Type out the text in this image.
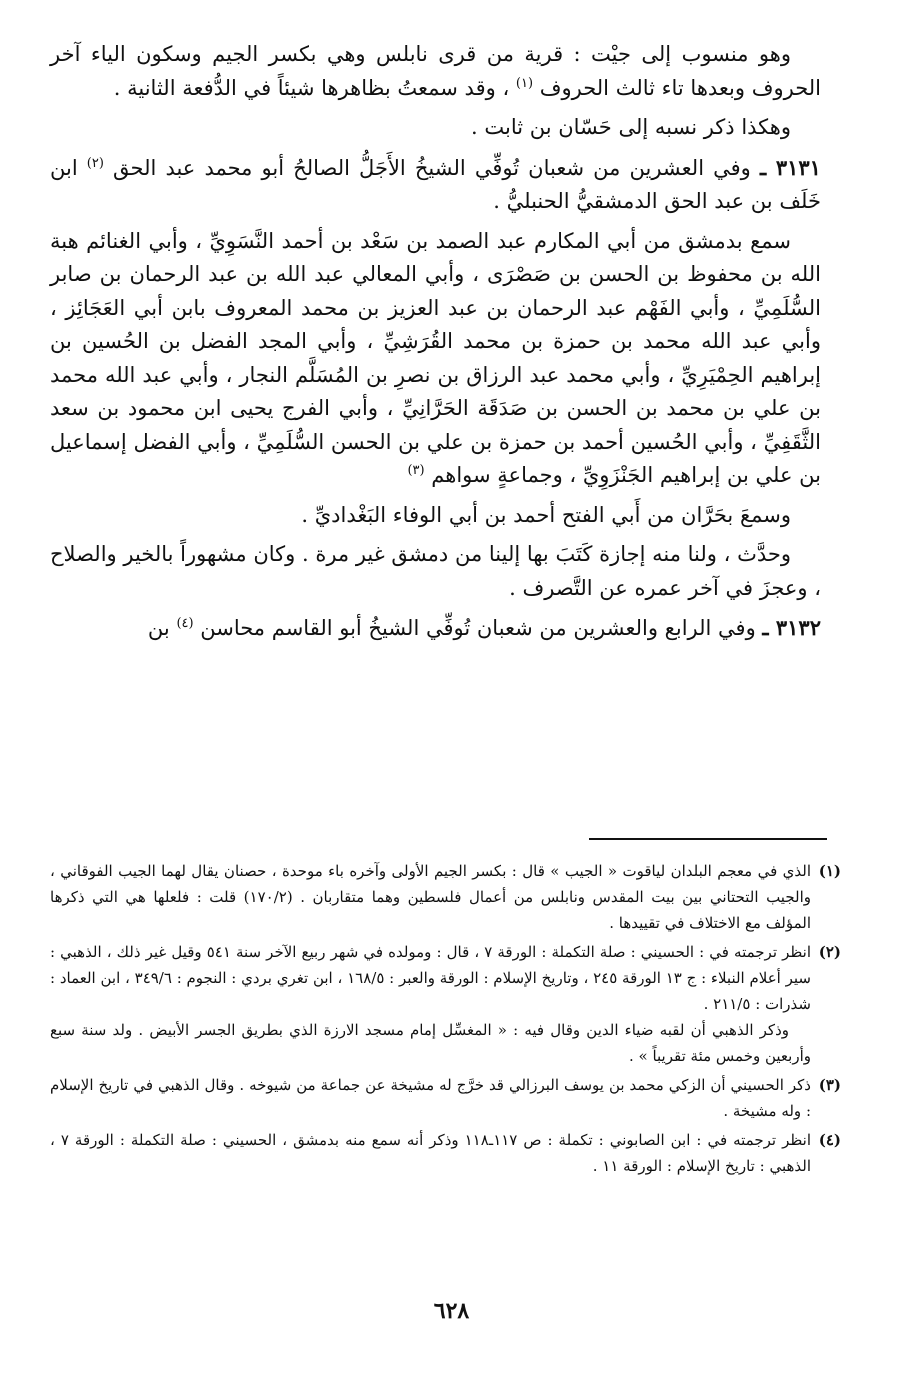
وهو منسوب إلى جيْت : قرية من قرى نابلس وهي بكسر الجيم وسكون الياء آخر الحروف وبعدها تاء ثالث الحروف $^{(١)}$ ، وقد سمعتُ بظاهرها شيئاً في الدُّفعة الثانية .

وهكذا ذكر نسبه إلى حَسّان بن ثابت .

٣١٣١ ـ وفي العشرين من شعبان تُوفِّي الشيخُ الأَجَلُّ الصالحُ أبو محمد عبد الحق $^{(٢)}$ ابن خَلَف بن عبد الحق الدمشقيُّ الحنبليُّ .

سمع بدمشق من أبي المكارم عبد الصمد بن سَعْد بن أحمد النَّسَوِيِّ ، وأبي الغنائم هبة الله بن محفوظ بن الحسن بن صَصْرَى ، وأبي المعالي عبد الله بن عبد الرحمان بن صابر السُّلَمِيِّ ، وأبي الفَهْم عبد الرحمان بن عبد العزيز بن محمد المعروف بابن أبي العَجَائِز ، وأبي عبد الله محمد بن حمزة بن محمد القُرَشِيِّ ، وأبي المجد الفضل بن الحُسين بن إبراهيم الحِمْيَرِيِّ ، وأبي محمد عبد الرزاق بن نصرِ بن المُسَلَّم النجار ، وأبي عبد الله محمد بن علي بن محمد بن الحسن بن صَدَقَة الحَرَّانِيِّ ، وأبي الفرج يحيى ابن محمود بن سعد الثَّقَفِيِّ ، وأبي الحُسين أحمد بن حمزة بن علي بن الحسن السُّلَمِيِّ ، وأبي الفضل إسماعيل بن علي بن إبراهيم الجَنْزَوِيِّ ، وجماعةٍ سواهم $^{(٣)}$

وسمعَ بحَرَّان من أَبي الفتح أحمد بن أبي الوفاء البَغْداديِّ .

وحدَّث ، ولنا منه إجازة كَتَبَ بها إلينا من دمشق غير مرة . وكان مشهوراً بالخير والصلاح ، وعجزَ في آخر عمره عن التَّصرف .

٣١٣٢ ـ وفي الرابع والعشرين من شعبان تُوفِّي الشيخُ أبو القاسم محاسن $^{(٤)}$ بن

(١)
الذي في معجم البلدان لياقوت « الجيب » قال : بكسر الجيم الأولى وآخره باء موحدة ، حصنان يقال لهما الجيب الفوقاني ، والجيب التحتاني بين بيت المقدس ونابلس من أعمال فلسطين وهما متقاربان . (١٧٠/٢) قلت : فلعلها هي التي ذكرها المؤلف مع الاختلاف في تقييدها .
(٢)
انظر ترجمته في : الحسيني : صلة التكملة : الورقة ٧ ، قال : ومولده في شهر ربيع الآخر سنة ٥٤١ وقيل غير ذلك ، الذهبي : سير أعلام النبلاء : ج ١٣ الورقة ٢٤٥ ، وتاريخ الإسلام : الورقة والعبر : ١٦٨/٥ ، ابن تغري بردي : النجوم : ٣٤٩/٦ ، ابن العماد : شذرات : ٢١١/٥ .
وذكر الذهبي أن لقبه ضياء الدين وقال فيه : « المغسِّل إمام مسجد الارزة الذي بطريق الجسر الأبيض . ولد سنة سبع وأربعين وخمس مئة تقريباً » .
(٣)
ذكر الحسيني أن الزكي محمد بن يوسف البرزالي قد خرَّج له مشيخة عن جماعة من شيوخه . وقال الذهبي في تاريخ الإسلام : وله مشيخة .
(٤)
انظر ترجمته في : ابن الصابوني : تكملة : ص ١١٧ـ١١٨ وذكر أنه سمع منه بدمشق ، الحسيني : صلة التكملة : الورقة ٧ ، الذهبي : تاريخ الإسلام : الورقة ١١ .
٦٢٨
